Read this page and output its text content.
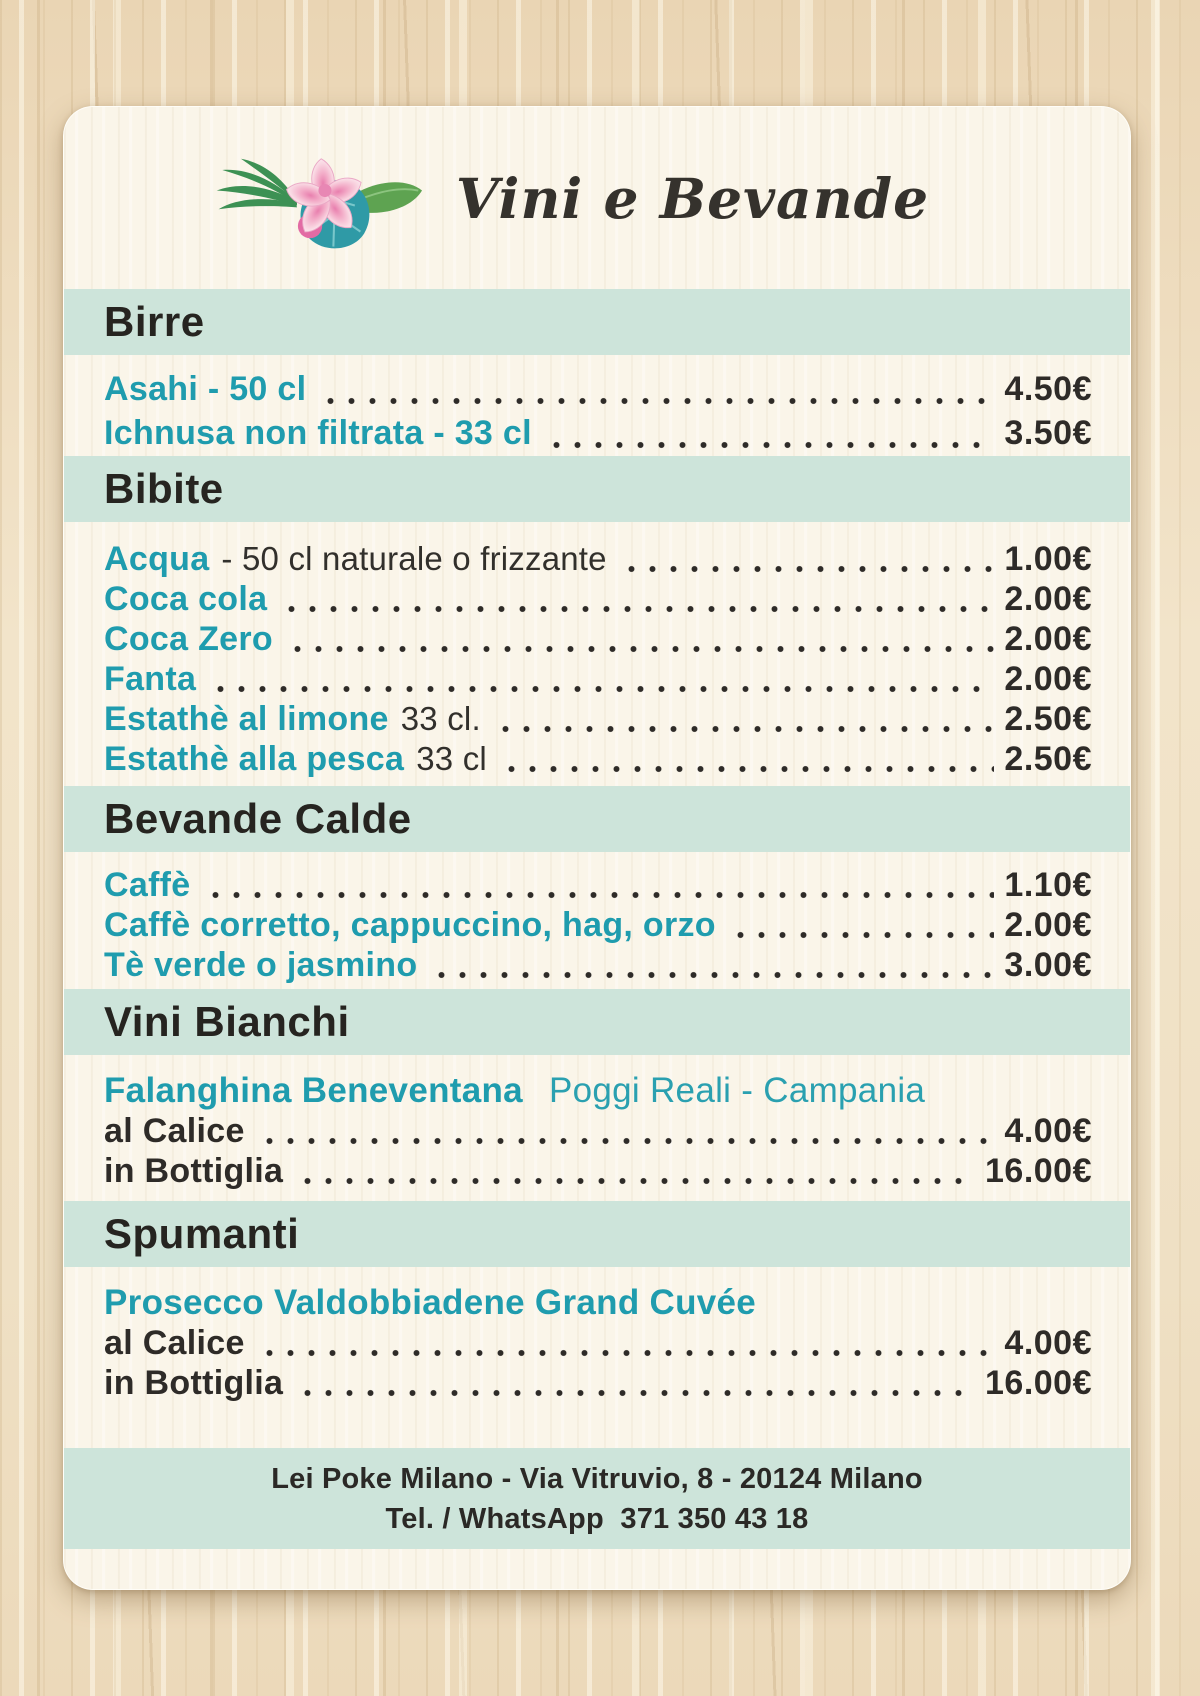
Vini e Bevande
Birre
Asahi - 50 cl	4.50€
Ichnusa non filtrata - 33 cl	3.50€
Bibite
Acqua - 50 cl naturale o frizzante	1.00€
Coca cola	2.00€
Coca Zero	2.00€
Fanta	2.00€
Estathè al limone 33 cl.	2.50€
Estathè alla pesca 33 cl	2.50€
Bevande Calde
Caffè	1.10€
Caffè corretto, cappuccino, hag, orzo	2.00€
Tè verde o jasmino	3.00€
Vini Bianchi
Falanghina Beneventana Poggi Reali - Campania
al Calice	4.00€
in Bottiglia	16.00€
Spumanti
Prosecco Valdobbiadene Grand Cuvée
al Calice	4.00€
in Bottiglia	16.00€
Lei Poke Milano - Via Vitruvio, 8 - 20124 Milano
Tel. / WhatsApp  371 350 43 18
